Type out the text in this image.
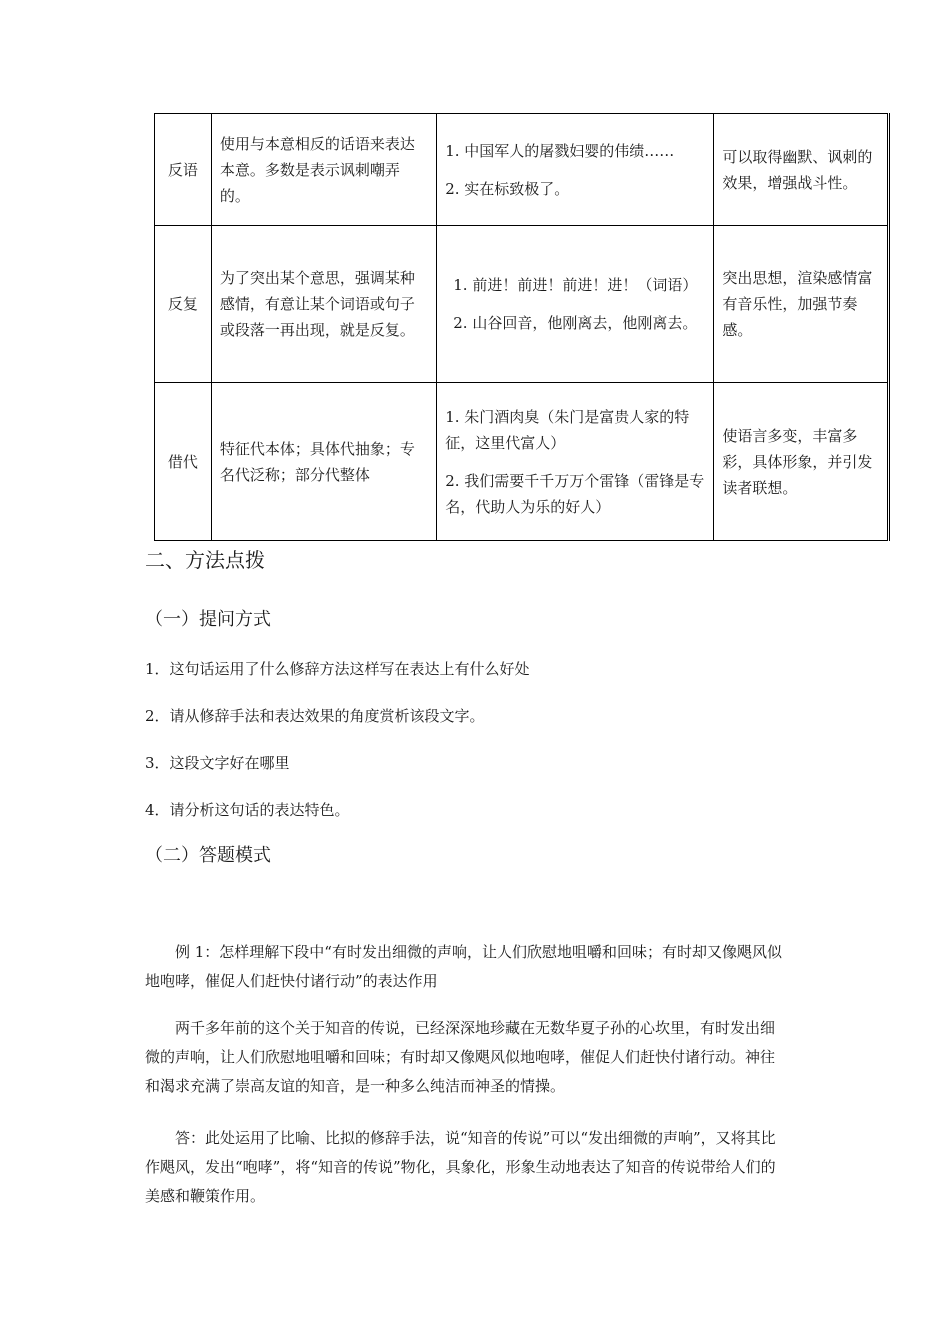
反语	使用与本意相反的话语来表达本意。多数是表示讽刺嘲弄的。	1. 中国军人的屠戮妇婴的伟绩……

2. 实在标致极了。	可以取得幽默、讽刺的效果，增强战斗性。
反复	为了突出某个意思，强调某种感情，有意让某个词语或句子或段落一再出现，就是反复。	1. 前进！前进！前进！进！（词语）

2. 山谷回音，他刚离去，他刚离去。	突出思想，渲染感情富有音乐性，加强节奏感。
借代	特征代本体；具体代抽象；专名代泛称；部分代整体	1. 朱门酒肉臭（朱门是富贵人家的特征，这里代富人）

2. 我们需要千千万万个雷锋（雷锋是专名，代助人为乐的好人）	使语言多变，丰富多彩，具体形象，并引发读者联想。
二、方法点拨
（一）提问方式
1．这句话运用了什么修辞方法这样写在表达上有什么好处
2．请从修辞手法和表达效果的角度赏析该段文字。
3．这段文字好在哪里
4．请分析这句话的表达特色。
（二）答题模式

例 1：怎样理解下段中“有时发出细微的声响，让人们欣慰地咀嚼和回味；有时却又像飓风似地咆哮，催促人们赶快付诸行动”的表达作用

两千多年前的这个关于知音的传说，已经深深地珍藏在无数华夏子孙的心坎里，有时发出细微的声响，让人们欣慰地咀嚼和回味；有时却又像飓风似地咆哮，催促人们赶快付诸行动。神往和渴求充满了崇高友谊的知音，是一种多么纯洁而神圣的情操。

答：此处运用了比喻、比拟的修辞手法，说“知音的传说”可以“发出细微的声响”，又将其比作飓风，发出“咆哮”，将“知音的传说”物化，具象化，形象生动地表达了知音的传说带给人们的美感和鞭策作用。
